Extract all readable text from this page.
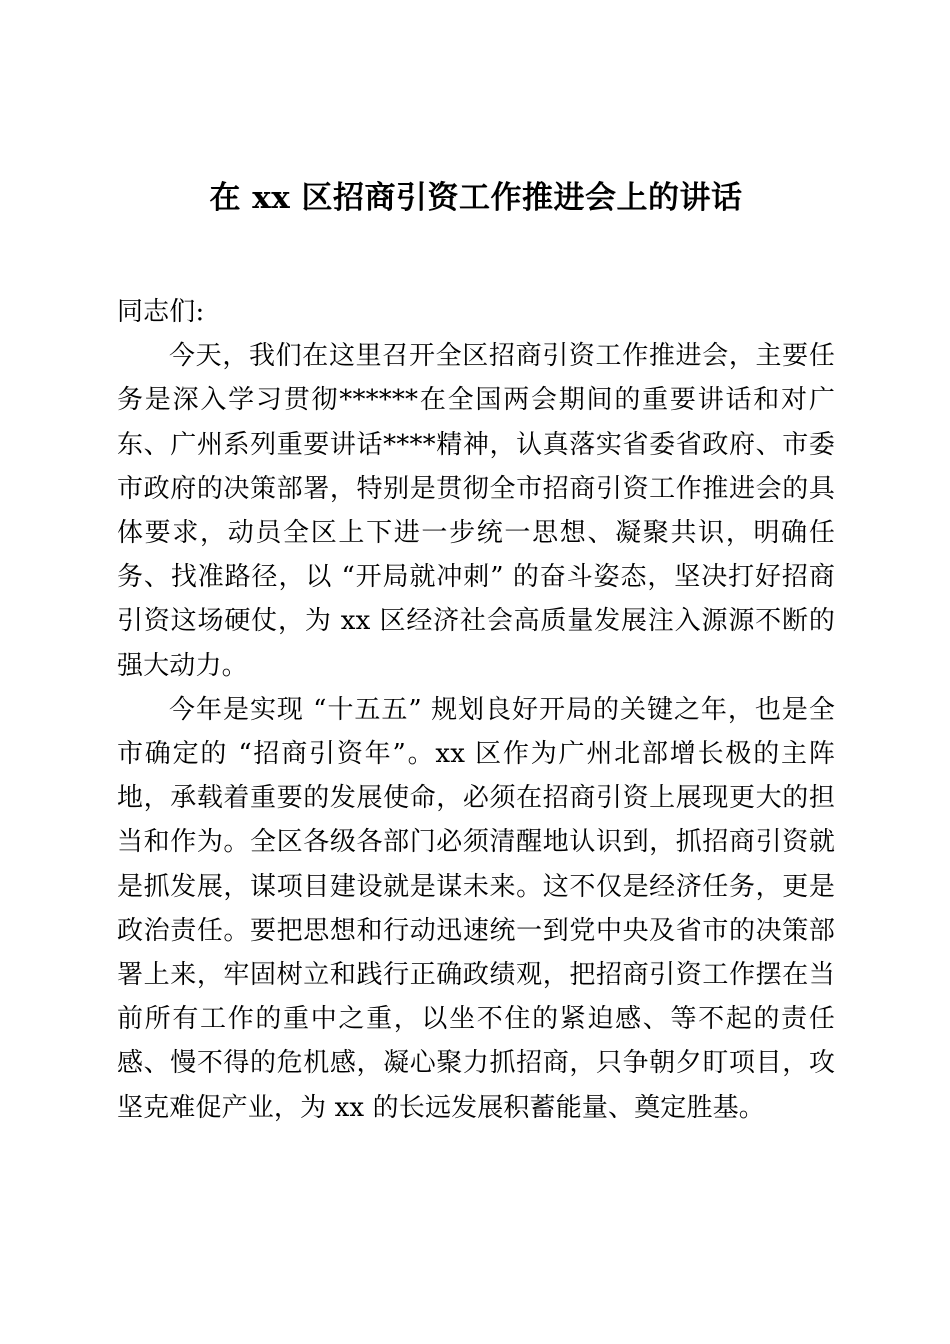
在 xx 区招商引资工作推进会上的讲话

同志们:

今天，我们在这里召开全区招商引资工作推进会，主要任务是深入学习贯彻******在全国两会期间的重要讲话和对广东、广州系列重要讲话****精神，认真落实省委省政府、市委市政府的决策部署，特别是贯彻全市招商引资工作推进会的具体要求，动员全区上下进一步统一思想、凝聚共识，明确任务、找准路径，以 “开局就冲刺” 的奋斗姿态，坚决打好招商引资这场硬仗，为 xx 区经济社会高质量发展注入源源不断的强大动力。

今年是实现 “十五五” 规划良好开局的关键之年，也是全市确定的 “招商引资年”。xx 区作为广州北部增长极的主阵地，承载着重要的发展使命，必须在招商引资上展现更大的担当和作为。全区各级各部门必须清醒地认识到，抓招商引资就是抓发展，谋项目建设就是谋未来。这不仅是经济任务，更是政治责任。要把思想和行动迅速统一到党中央及省市的决策部署上来，牢固树立和践行正确政绩观，把招商引资工作摆在当前所有工作的重中之重，以坐不住的紧迫感、等不起的责任感、慢不得的危机感，凝心聚力抓招商，只争朝夕盯项目，攻坚克难促产业，为 xx 的长远发展积蓄能量、奠定胜基。
